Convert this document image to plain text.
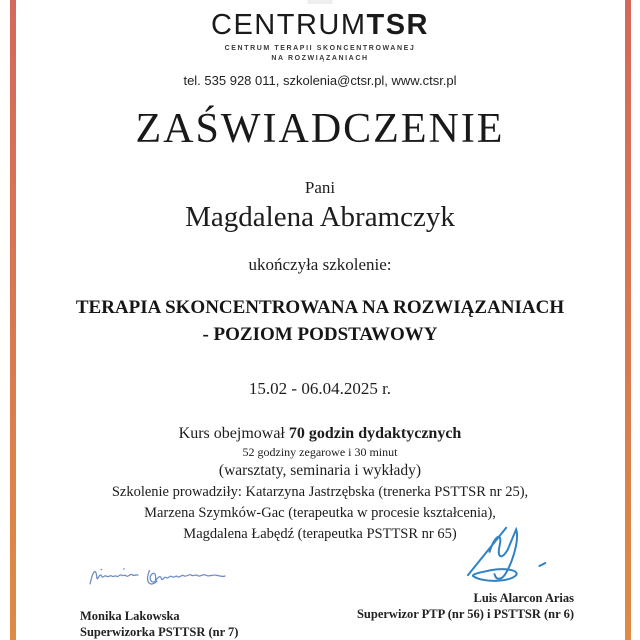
CENTRUMTSR
CENTRUM TERAPII SKONCENTROWANEJ
NA ROZWIĄZANIACH
tel. 535 928 011, szkolenia@ctsr.pl, www.ctsr.pl
ZAŚWIADCZENIE
Pani
Magdalena Abramczyk
ukończyła szkolenie:
TERAPIA SKONCENTROWANA NA ROZWIĄZANIACH
- POZIOM PODSTAWOWY
15.02 - 06.04.2025 r.
Kurs obejmował 70 godzin dydaktycznych
52 godziny zegarowe i 30 minut
(warsztaty, seminaria i wykłady)
Szkolenie prowadziły: Katarzyna Jastrzębska (trenerka PSTTSR nr 25),
Marzena Szymków-Gac (terapeutka w procesie kształcenia),
Magdalena Łabędź (terapeutka PSTTSR nr 65)
Monika Lakowska
Superwizorka PSTTSR (nr 7)
Luis Alarcon Arias
Superwizor PTP (nr 56) i PSTTSR (nr 6)
